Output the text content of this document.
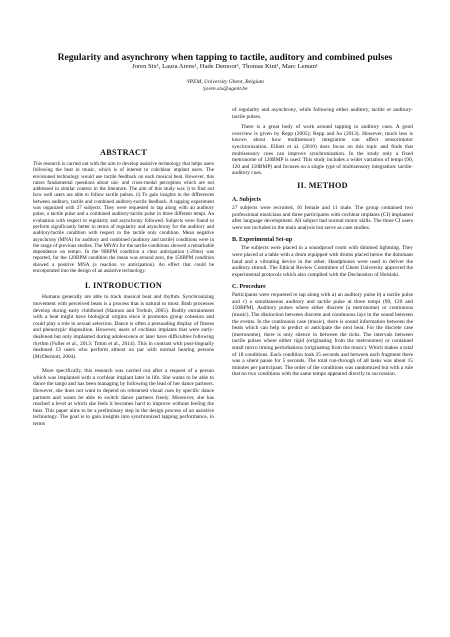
Regularity and asynchrony when tapping to tactile, auditory and combined pulses
Joren Six¹, Laura Arens¹, Hade Demoor¹, Thomas Kint¹, Marc Leman¹
¹IPEM, University Ghent, Belgium
¹joren.six@ugent.be
ABSTRACT

This research is carried out with the aim to develop assistive technology that helps users following the beat in music, which is of interest to cohchlear implant users. The envisioned technology would use tactile feedback on each musical beat. However, this raises fundamental questions about uni- and cross-modal perception which are not addressed in similar context in the literature. The aim of this study was i) to find out how well users are able to follow tactile pulses. ii) To gain insights in the differences between auditory, tactile and combined auditory-tactile feedback. A tapping experiment was organized with 27 subjects. They were requested to tap along with an auditory pulse, a tactile pulse and a combined auditory-tactile pulse in three different tempi. An evaluation with respect to regularity and asynchrony followed. Subjects were found to perform significantly better in terms of regularity and asynchrony for the auditory and auditory/tactile condition with respect to the tactile only condition. Mean negative asynchrony (MNA) for auditory and combined (auditory and tactile) conditions were in the range of previous studies. The MNA’s for the tactile conditions showed a remarkable dependence on tempo. In the 90BPM condition a clear anticipation (-20ms) was reported, for the 120BPM condition the mean was around zero, the 150BPM condition showed a positive MNA (a reaction vs anticipation). An effect that could be encorporated into the design of an assistive technology.

I. INTRODUCTION

Humans generally are able to track musical beat and rhythm. Synchronizing movement with perceived beats is a process that is natural to most. Both processes develop during early childhood (Hannon and Trehub, 2005). Bodily entrainment with a beat might have biological origins since it promotes group cohesion and could play a role in sexual selection. Dance is often a persuading display of fitness and phenotypic disposition. However, users of cochlear implants that were early-deafened but only implanted during adolescence or later have difficulties following rhythm (Fuller et al., 2013; Timm et al., 2014). This in contrast with post-lingually deafened CI users who perform almost on par with normal hearing persons (McDermott, 2004).

More specifically, this research was carried out after a request of a person which was implanted with a cochlear implant later in life. She wants to be able to dance the tango and has been managing by following the lead of her dance partners. However, she does not want to depend on rehearsed visual cues by specific dance partners and wants be able to switch dance partners freely. Moreover, she has reached a level at which she feels it becomes hard to improve without feeling the beat. This paper aims to be a preliminary step in the design process of an assistive technology. The goal is to gain insights into synchronized tapping performance, in terms

of regularity and asynchrony, while following either auditory, tactile or auditory-tactile pulses.

There is a great body of work around tapping to auditory cues. A good overview is given by Repp (2005); Repp and Su (2013). However, much less is known about how multisensory integration can affect sensorimotor synchronization. Elliott et al. (2010) does focus on this topic and finds that multisensory cues can improve synchronization. In the study only a fixed metronome of 120BMP is used. This study includes a wider variation of tempi (90, 120 and 150BMP) and focuses on a single type of multisensory integration: tactile-auditory cues.

II. METHOD
A. Subjects

27 subjects were recruited, 16 female and 11 male. The group contained two professional musicians and three participants with cochlear implants (CI) implanted after language development. All subject had normal motor skills. The three CI users were not included in the main analysis but serve as case studies.

B. Experimental Set-up

The subjects were placed in a soundproof room with dimmed lightning. They were placed at a table with a drum equipped with drums placed below the dominant hand and a vibrating device in the other. Headphones were used to deliver the auditory stimuli. The Ethical Review Committee of Ghent University approved the experimental protocols which also complied with the Declaration of Helsinki.

C. Procedure

Participants were requested to tap along with a) an auditory pulse b) a tactile pulse and c) a simultaneous auditory and tactile pulse at three tempi (90, 120 and 150BPM). Auditory pulses where either discrete (a metronome) or continuous (music). The distinction between discrete and continuous lays in the sound between the events. In the continuous case (music), there is sound information between the beats which can help to predict or anticipate the next beat. For the discrete case (metronome), there is only silence in between the ticks. The intervals between tactile pulses where either rigid (originating from the metronome) or contained small micro timing perturbations (originating from the music). Which makes a total of 18 conditions. Each condition took 35 seconds and between each fragment there was a silent pause for 5 seconds. The total run-through of all tasks was about 15 minutes per participant. The order of the conditions was randomized but with a rule that no two conditions with the same tempo appeared directly in succession.
